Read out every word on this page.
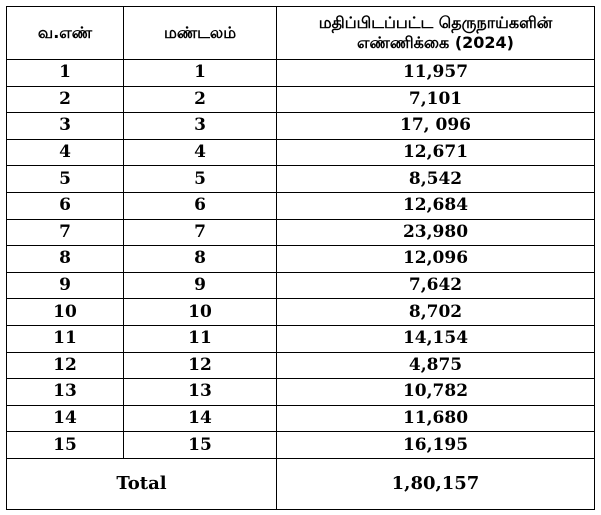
வ.எண்	மண்டலம்	மதிப்பிடப்பட்ட தெருநாய்களின்
எண்ணிக்கை (2024)
1	1	11,957
2	2	7,101
3	3	17, 096
4	4	12,671
5	5	8,542
6	6	12,684
7	7	23,980
8	8	12,096
9	9	7,642
10	10	8,702
11	11	14,154
12	12	4,875
13	13	10,782
14	14	11,680
15	15	16,195
Total		1,80,157
